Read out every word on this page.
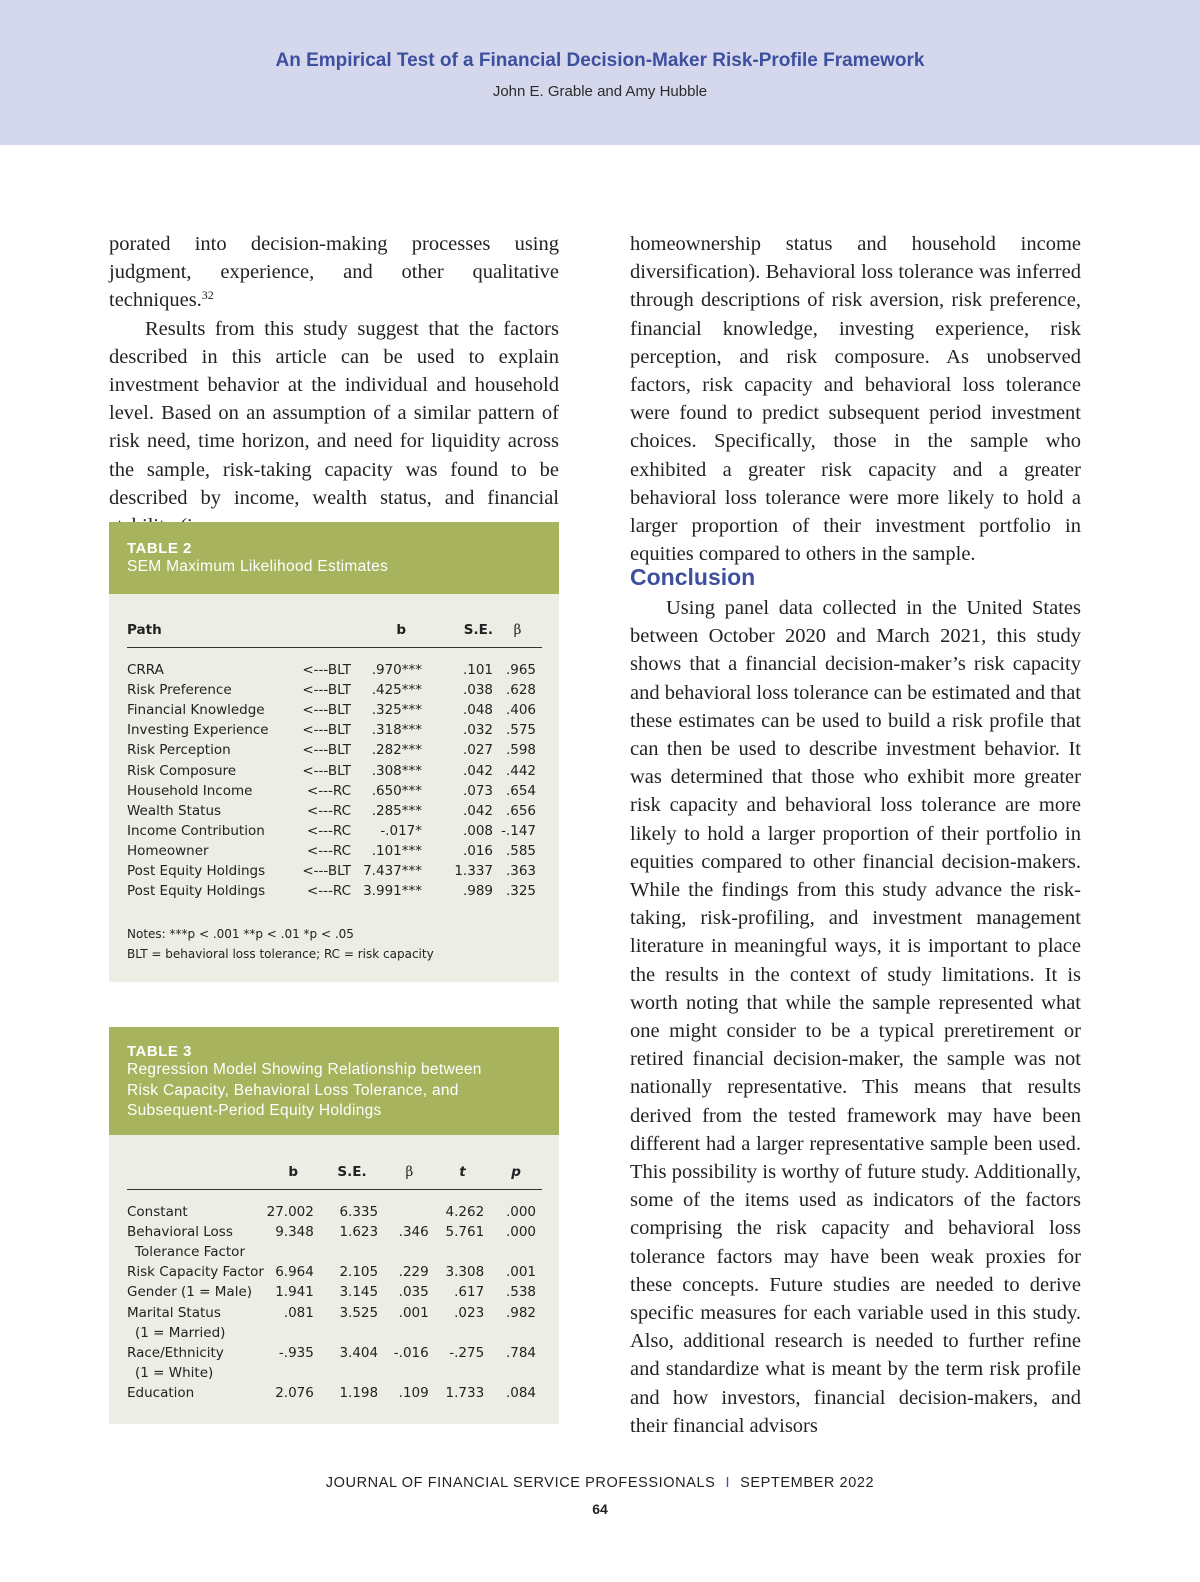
An Empirical Test of a Financial Decision-Maker Risk-Profile Framework
John E. Grable and Amy Hubble

porated into decision-making processes using judgment, experience, and other qualitative techniques.$^{32}$

Results from this study suggest that the factors described in this article can be used to explain investment behavior at the individual and household level. Based on an assumption of a similar pattern of risk need, time horizon, and need for liquidity across the sample, risk-taking capacity was found to be described by income, wealth status, and financial

homeownership status and household income diversification). Behavioral loss tolerance was inferred through descriptions of risk aversion, risk preference, financial knowledge, investing experience, risk perception, and risk composure. As unobserved factors, risk capacity and behavioral loss tolerance were found to predict subsequent period investment choices. Specifically, those in the sample who exhibited a greater risk capacity and a greater behavioral loss tolerance were more likely to hold a larger proportion of their investment portfolio in equities compared to others in the sample.

Conclusion

Using panel data collected in the United States between October 2020 and March 2021, this study shows that a financial decision-maker’s risk capacity and behavioral loss tolerance can be estimated and that these estimates can be used to build a risk profile that can then be used to describe investment behavior. It was determined that those who exhibit more greater risk capacity and behavioral loss tolerance are more likely to hold a larger proportion of their portfolio in equities compared to other financial decision-makers. While the findings from this study advance the risk-taking, risk-profiling, and investment management literature in meaningful ways, it is important to place the results in the context of study limitations. It is worth noting that while the sample represented what one might consider to be a typical preretirement or retired financial decision-maker, the sample was not nationally representative. This means that results derived from the tested framework may have been different had a larger representative sample been used. This possibility is worthy of future study. Additionally, some of the items used as indicators of the factors comprising the risk capacity and behavioral loss tolerance factors may have been weak proxies for these concepts. Future studies are needed to derive specific measures for each variable used in this study. Also, additional research is needed to further refine and standardize what is meant by the term risk profile and how investors, financial decision-makers, and their financial advisors

TABLE 2
SEM Maximum Likelihood Estimates
Path		b	S.E.	β

CRRA	<---BLT	.970***	.101	.965
Risk Preference	<---BLT	.425***	.038	.628
Financial Knowledge	<---BLT	.325***	.048	.406
Investing Experience	<---BLT	.318***	.032	.575
Risk Perception	<---BLT	.282***	.027	.598
Risk Composure	<---BLT	.308***	.042	.442
Household Income	<---RC	.650***	.073	.654
Wealth Status	<---RC	.285***	.042	.656
Income Contribution	<---RC	-.017*	.008	-.147
Homeowner	<---RC	.101***	.016	.585
Post Equity Holdings	<---BLT	7.437***	1.337	.363
Post Equity Holdings	<---RC	3.991***	.989	.325
Notes: ***p < .001 **p < .01 *p < .05
BLT = behavioral loss tolerance; RC = risk capacity
TABLE 3
Regression Model Showing Relationship between
Risk Capacity, Behavioral Loss Tolerance, and
Subsequent-Period Equity Holdings
	b	S.E.	β	t	p

Constant	27.002	6.335		4.262	.000
Behavioral Loss	9.348	1.623	.346	5.761	.000
Tolerance Factor					
Risk Capacity Factor	6.964	2.105	.229	3.308	.001
Gender (1 = Male)	1.941	3.145	.035	.617	.538
Marital Status	.081	3.525	.001	.023	.982
(1 = Married)					
Race/Ethnicity	-.935	3.404	-.016	-.275	.784
(1 = White)					
Education	2.076	1.198	.109	1.733	.084
JOURNAL OF FINANCIAL SERVICE PROFESSIONALS I SEPTEMBER 2022
64
